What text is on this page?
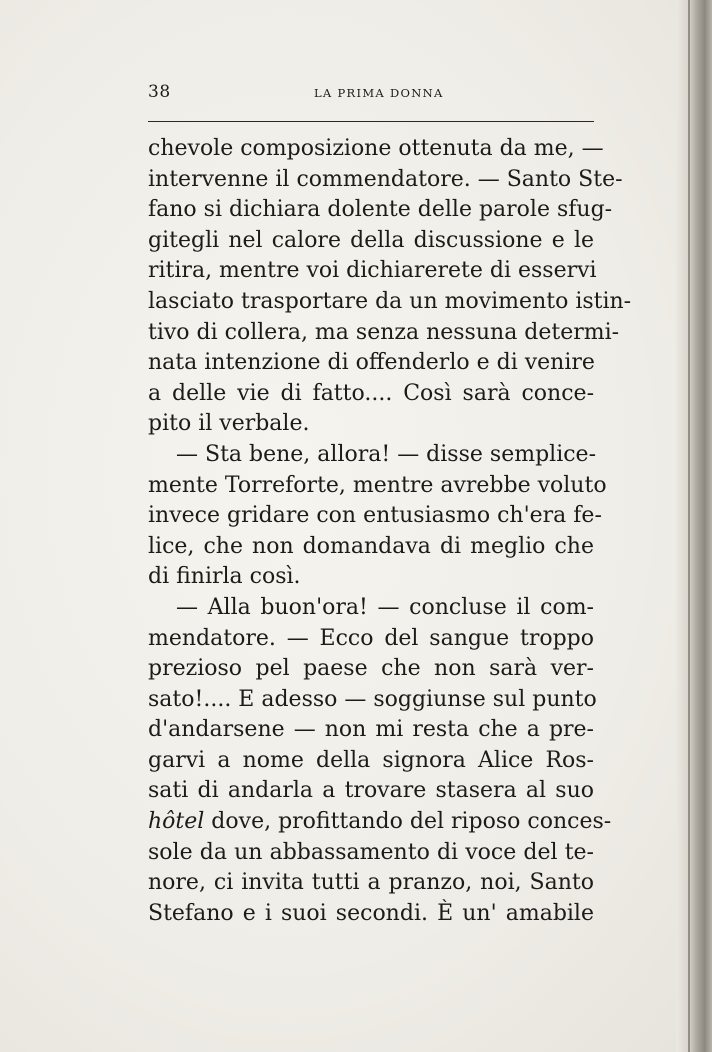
38	LA PRIMA DONNA
chevole composizione ottenuta da me, —
intervenne il commendatore. — Santo Ste-
fano si dichiara dolente delle parole sfug-
gitegli nel calore della discussione e le
ritira, mentre voi dichiarerete di esservi
lasciato trasportare da un movimento istin-
tivo di collera, ma senza nessuna determi-
nata intenzione di offenderlo e di venire
a delle vie di fatto.... Così sarà conce-
pito il verbale.
— Sta bene, allora! — disse semplice-
mente Torreforte, mentre avrebbe voluto
invece gridare con entusiasmo ch'era fe-
lice, che non domandava di meglio che
di finirla così.
— Alla buon'ora! — concluse il com-
mendatore. — Ecco del sangue troppo
prezioso pel paese che non sarà ver-
sato!.... E adesso — soggiunse sul punto
d'andarsene — non mi resta che a pre-
garvi a nome della signora Alice Ros-
sati di andarla a trovare stasera al suo
hôtel dove, profittando del riposo conces-
sole da un abbassamento di voce del te-
nore, ci invita tutti a pranzo, noi, Santo
Stefano e i suoi secondi. È un' amabile
